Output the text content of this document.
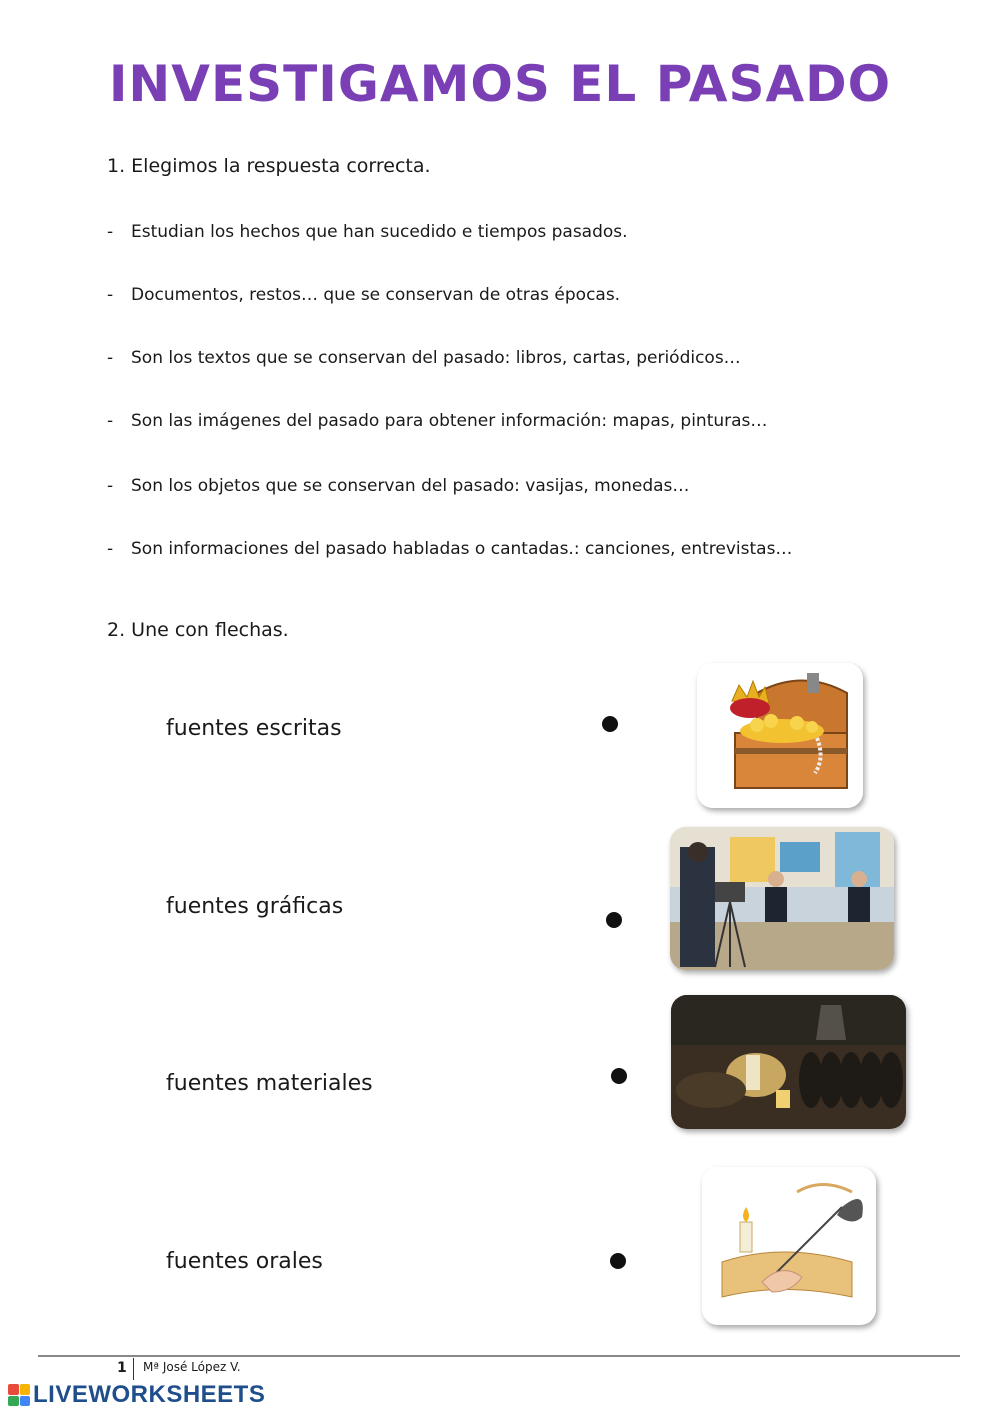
INVESTIGAMOS EL PASADO
1. Elegimos la respuesta correcta.
- Estudian los hechos que han sucedido e tiempos pasados.
- Documentos, restos… que se conservan de otras épocas.
- Son los textos que se conservan del pasado: libros, cartas, periódicos…
- Son las imágenes del pasado para obtener información: mapas, pinturas…
- Son los objetos que se conservan del pasado: vasijas, monedas…
- Son informaciones del pasado habladas o cantadas.: canciones, entrevistas…
2. Une con flechas.
fuentes escritas
fuentes gráficas
fuentes materiales
fuentes orales
1 Mª José López V.
LIVEWORKSHEETS
